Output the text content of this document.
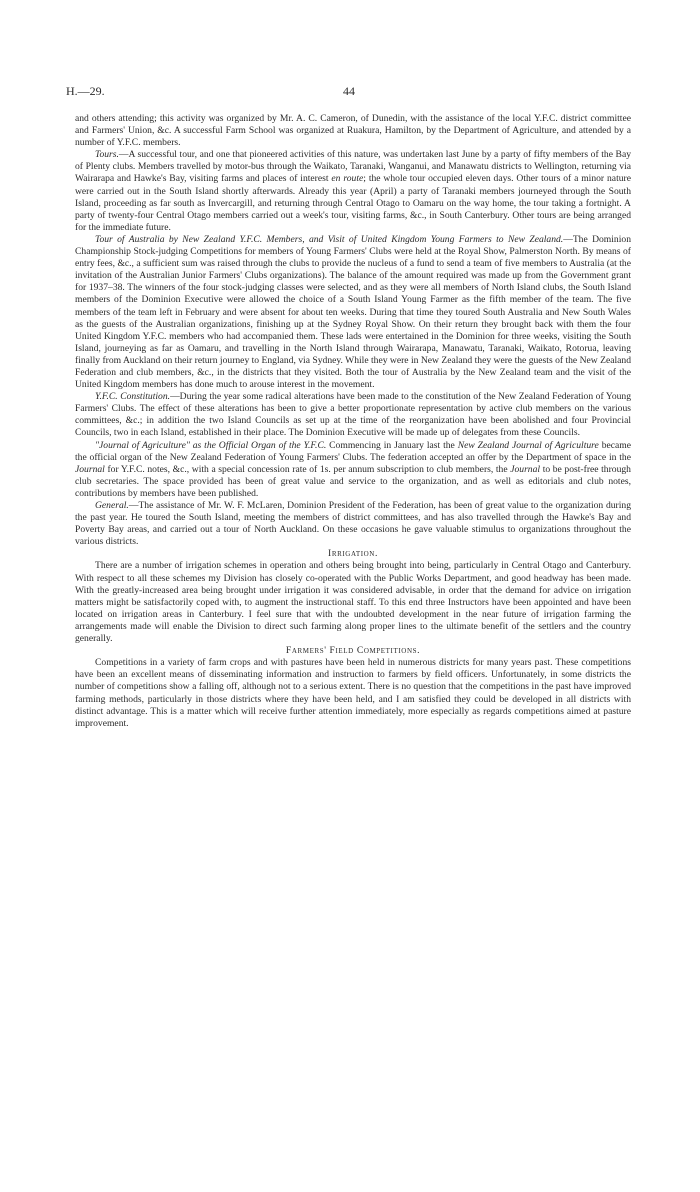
H.—29.	44

and others attending; this activity was organized by Mr. A. C. Cameron, of Dunedin, with the assistance of the local Y.F.C. district committee and Farmers' Union, &c. A successful Farm School was organized at Ruakura, Hamilton, by the Department of Agriculture, and attended by a number of Y.F.C. members.

Tours.—A successful tour, and one that pioneered activities of this nature, was undertaken last June by a party of fifty members of the Bay of Plenty clubs. Members travelled by motor-bus through the Waikato, Taranaki, Wanganui, and Manawatu districts to Wellington, returning via Wairarapa and Hawke's Bay, visiting farms and places of interest en route; the whole tour occupied eleven days. Other tours of a minor nature were carried out in the South Island shortly afterwards. Already this year (April) a party of Taranaki members journeyed through the South Island, proceeding as far south as Invercargill, and returning through Central Otago to Oamaru on the way home, the tour taking a fortnight. A party of twenty-four Central Otago members carried out a week's tour, visiting farms, &c., in South Canterbury. Other tours are being arranged for the immediate future.

Tour of Australia by New Zealand Y.F.C. Members, and Visit of United Kingdom Young Farmers to New Zealand.—The Dominion Championship Stock-judging Competitions for members of Young Farmers' Clubs were held at the Royal Show, Palmerston North. By means of entry fees, &c., a sufficient sum was raised through the clubs to provide the nucleus of a fund to send a team of five members to Australia (at the invitation of the Australian Junior Farmers' Clubs organizations). The balance of the amount required was made up from the Government grant for 1937–38. The winners of the four stock-judging classes were selected, and as they were all members of North Island clubs, the South Island members of the Dominion Executive were allowed the choice of a South Island Young Farmer as the fifth member of the team. The five members of the team left in February and were absent for about ten weeks. During that time they toured South Australia and New South Wales as the guests of the Australian organizations, finishing up at the Sydney Royal Show. On their return they brought back with them the four United Kingdom Y.F.C. members who had accompanied them. These lads were entertained in the Dominion for three weeks, visiting the South Island, journeying as far as Oamaru, and travelling in the North Island through Wairarapa, Manawatu, Taranaki, Waikato, Rotorua, leaving finally from Auckland on their return journey to England, via Sydney. While they were in New Zealand they were the guests of the New Zealand Federation and club members, &c., in the districts that they visited. Both the tour of Australia by the New Zealand team and the visit of the United Kingdom members has done much to arouse interest in the movement.

Y.F.C. Constitution.—During the year some radical alterations have been made to the constitution of the New Zealand Federation of Young Farmers' Clubs. The effect of these alterations has been to give a better proportionate representation by active club members on the various committees, &c.; in addition the two Island Councils as set up at the time of the reorganization have been abolished and four Provincial Councils, two in each Island, established in their place. The Dominion Executive will be made up of delegates from these Councils.

"Journal of Agriculture" as the Official Organ of the Y.F.C. Commencing in January last the New Zealand Journal of Agriculture became the official organ of the New Zealand Federation of Young Farmers' Clubs. The federation accepted an offer by the Department of space in the Journal for Y.F.C. notes, &c., with a special concession rate of 1s. per annum subscription to club members, the Journal to be post-free through club secretaries. The space provided has been of great value and service to the organization, and as well as editorials and club notes, contributions by members have been published.

General.—The assistance of Mr. W. F. McLaren, Dominion President of the Federation, has been of great value to the organization during the past year. He toured the South Island, meeting the members of district committees, and has also travelled through the Hawke's Bay and Poverty Bay areas, and carried out a tour of North Auckland. On these occasions he gave valuable stimulus to organizations throughout the various districts.

Irrigation.

There are a number of irrigation schemes in operation and others being brought into being, particularly in Central Otago and Canterbury. With respect to all these schemes my Division has closely co-operated with the Public Works Department, and good headway has been made. With the greatly-increased area being brought under irrigation it was considered advisable, in order that the demand for advice on irrigation matters might be satisfactorily coped with, to augment the instructional staff. To this end three Instructors have been appointed and have been located on irrigation areas in Canterbury. I feel sure that with the undoubted development in the near future of irrigation farming the arrangements made will enable the Division to direct such farming along proper lines to the ultimate benefit of the settlers and the country generally.

Farmers' Field Competitions.

Competitions in a variety of farm crops and with pastures have been held in numerous districts for many years past. These competitions have been an excellent means of disseminating information and instruction to farmers by field officers. Unfortunately, in some districts the number of competitions show a falling off, although not to a serious extent. There is no question that the competitions in the past have improved farming methods, particularly in those districts where they have been held, and I am satisfied they could be developed in all districts with distinct advantage. This is a matter which will receive further attention immediately, more especially as regards competitions aimed at pasture improvement.
